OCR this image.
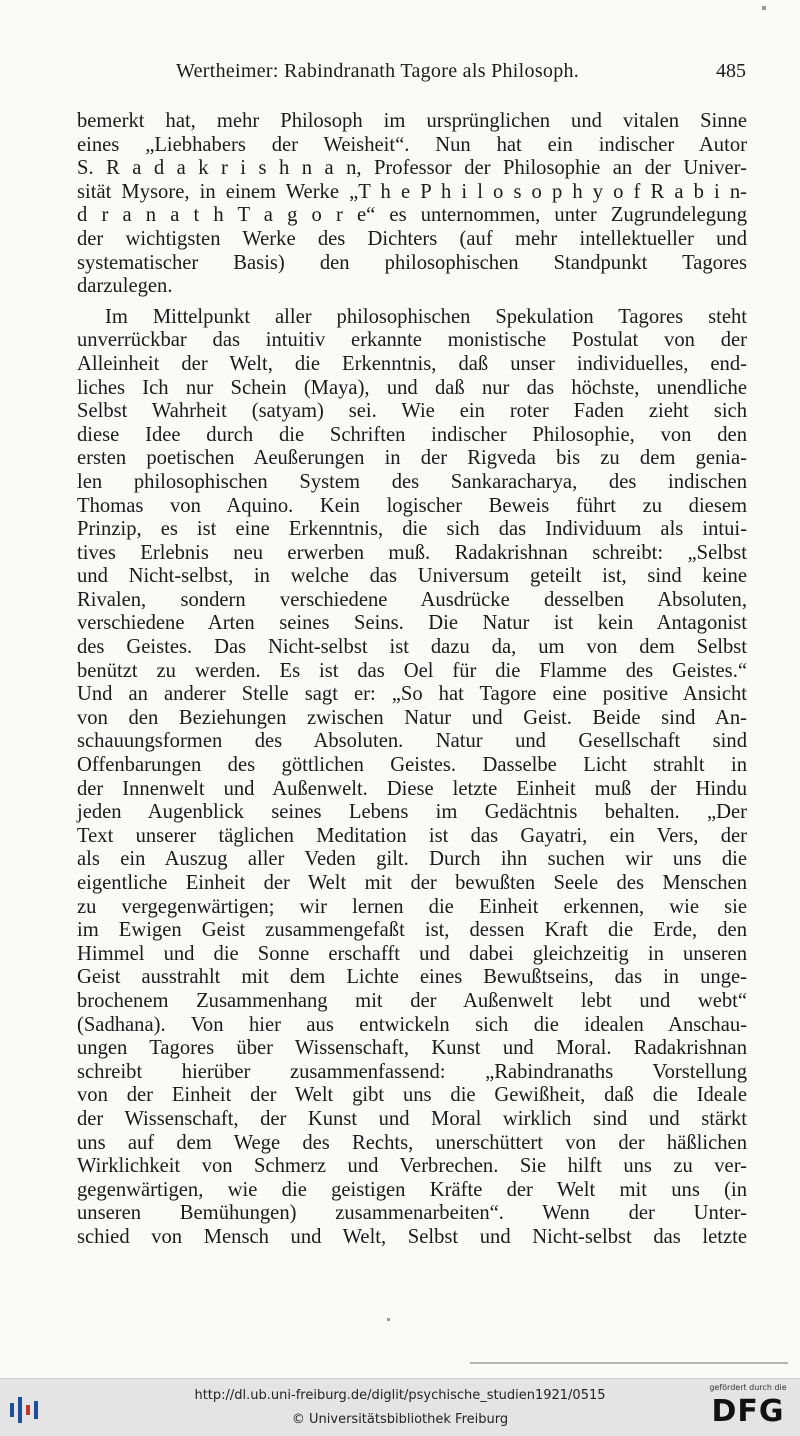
Wertheimer: Rabindranath Tagore als Philosoph.	485
bemerkt hat, mehr Philosoph im ursprünglichen und vitalen Sinne
eines „Liebhabers der Weisheit“. Nun hat ein indischer Autor
S. R a d a k r i s h n a n, Professor der Philosophie an der Univer-
sität Mysore, in einem Werke „T h e P h i l o s o p h y o f R a b i n-
d r a n a t h T a g o r e“ es unternommen, unter Zugrundelegung
der wichtigsten Werke des Dichters (auf mehr intellektueller und
systematischer Basis) den philosophischen Standpunkt Tagores
darzulegen.
Im Mittelpunkt aller philosophischen Spekulation Tagores steht
unverrückbar das intuitiv erkannte monistische Postulat von der
Alleinheit der Welt, die Erkenntnis, daß unser individuelles, end-
liches Ich nur Schein (Maya), und daß nur das höchste, unendliche
Selbst Wahrheit (satyam) sei. Wie ein roter Faden zieht sich
diese Idee durch die Schriften indischer Philosophie, von den
ersten poetischen Aeußerungen in der Rigveda bis zu dem genia-
len philosophischen System des Sankaracharya, des indischen
Thomas von Aquino. Kein logischer Beweis führt zu diesem
Prinzip, es ist eine Erkenntnis, die sich das Individuum als intui-
tives Erlebnis neu erwerben muß. Radakrishnan schreibt: „Selbst
und Nicht-selbst, in welche das Universum geteilt ist, sind keine
Rivalen, sondern verschiedene Ausdrücke desselben Absoluten,
verschiedene Arten seines Seins. Die Natur ist kein Antagonist
des Geistes. Das Nicht-selbst ist dazu da, um von dem Selbst
benützt zu werden. Es ist das Oel für die Flamme des Geistes.“
Und an anderer Stelle sagt er: „So hat Tagore eine positive Ansicht
von den Beziehungen zwischen Natur und Geist. Beide sind An-
schauungsformen des Absoluten. Natur und Gesellschaft sind
Offenbarungen des göttlichen Geistes. Dasselbe Licht strahlt in
der Innenwelt und Außenwelt. Diese letzte Einheit muß der Hindu
jeden Augenblick seines Lebens im Gedächtnis behalten. „Der
Text unserer täglichen Meditation ist das Gayatri, ein Vers, der
als ein Auszug aller Veden gilt. Durch ihn suchen wir uns die
eigentliche Einheit der Welt mit der bewußten Seele des Menschen
zu vergegenwärtigen; wir lernen die Einheit erkennen, wie sie
im Ewigen Geist zusammengefaßt ist, dessen Kraft die Erde, den
Himmel und die Sonne erschafft und dabei gleichzeitig in unseren
Geist ausstrahlt mit dem Lichte eines Bewußtseins, das in unge-
brochenem Zusammenhang mit der Außenwelt lebt und webt“
(Sadhana). Von hier aus entwickeln sich die idealen Anschau-
ungen Tagores über Wissenschaft, Kunst und Moral. Radakrishnan
schreibt hierüber zusammenfassend: „Rabindranaths Vorstellung
von der Einheit der Welt gibt uns die Gewißheit, daß die Ideale
der Wissenschaft, der Kunst und Moral wirklich sind und stärkt
uns auf dem Wege des Rechts, unerschüttert von der häßlichen
Wirklichkeit von Schmerz und Verbrechen. Sie hilft uns zu ver-
gegenwärtigen, wie die geistigen Kräfte der Welt mit uns (in
unseren Bemühungen) zusammenarbeiten“. Wenn der Unter-
schied von Mensch und Welt, Selbst und Nicht-selbst das letzte
http://dl.ub.uni-freiburg.de/diglit/psychische_studien1921/0515
© Universitätsbibliothek Freiburg
gefördert durch die
DFG
